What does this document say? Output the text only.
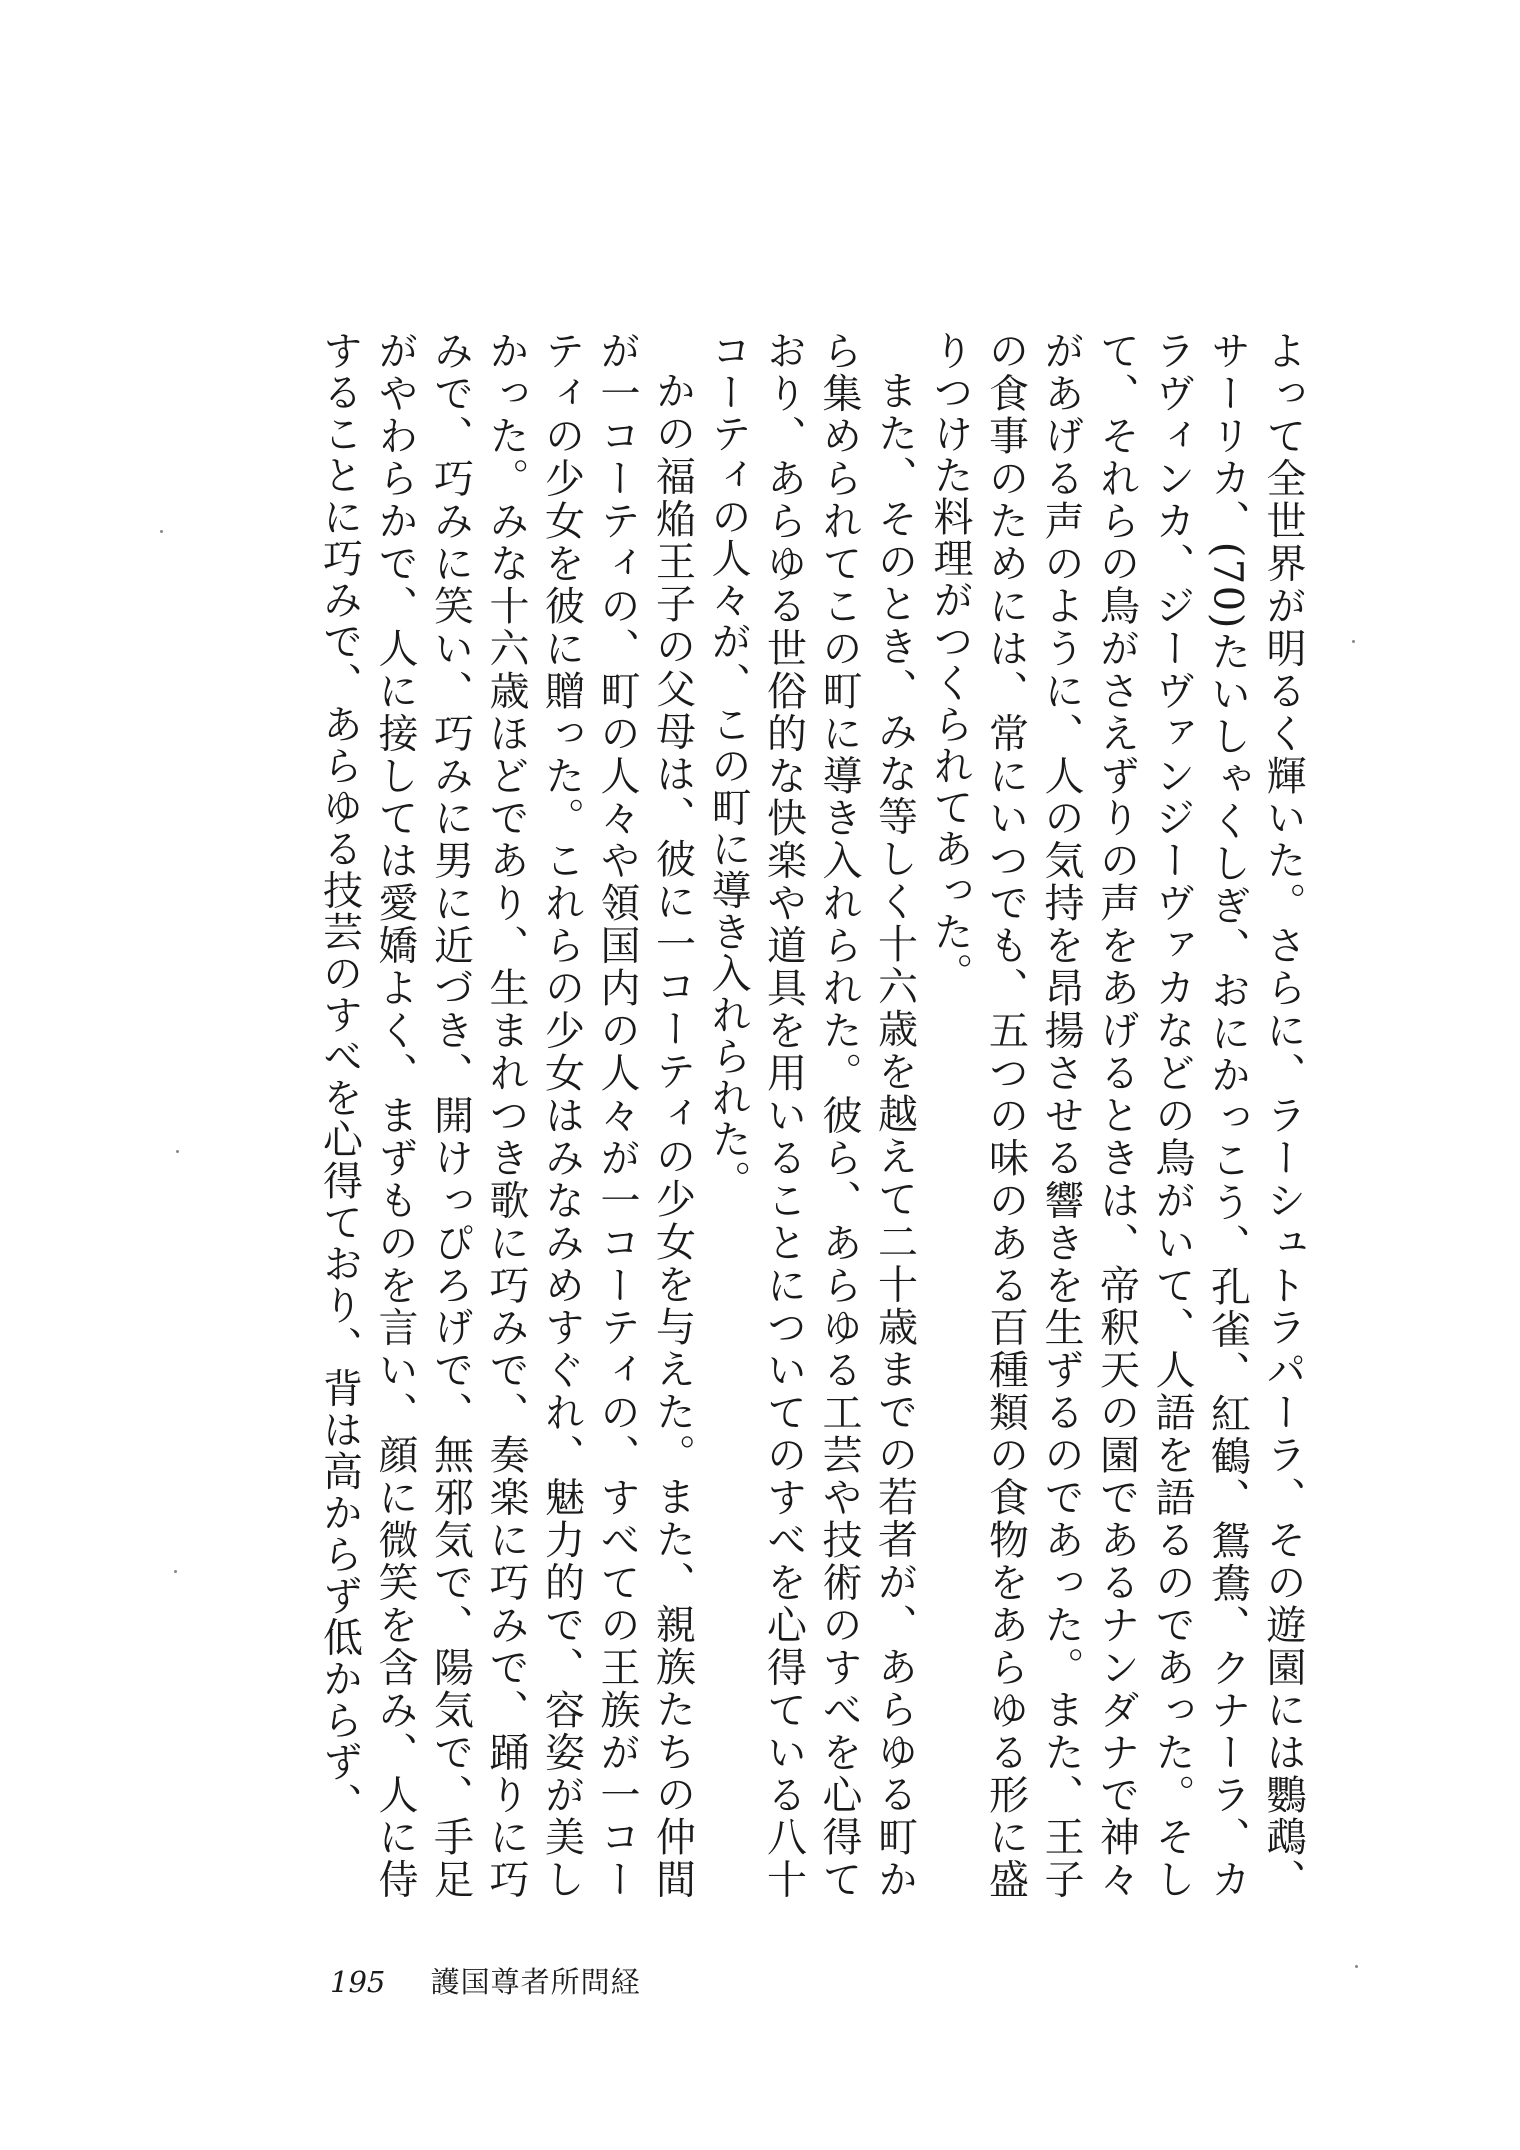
よって全世界が明るく輝いた。さらに、ラーシュトラパーラ、その遊園には鸚鵡、サーリカ、(70)たいしゃくしぎ、おにかっこう、孔雀、紅鶴、鴛鴦、クナーラ、カラヴィンカ、ジーヴァンジーヴァカなどの鳥がいて、人語を語るのであった。そして、それらの鳥がさえずりの声をあげるときは、帝釈天の園であるナンダナで神々があげる声のように、人の気持を昂揚させる響きを生ずるのであった。また、王子の食事のためには、常にいつでも、五つの味のある百種類の食物をあらゆる形に盛りつけた料理がつくられてあった。

また、そのとき、みな等しく十六歳を越えて二十歳までの若者が、あらゆる町から集められてこの町に導き入れられた。彼ら、あらゆる工芸や技術のすべを心得ており、あらゆる世俗的な快楽や道具を用いることについてのすべを心得ている八十コーティの人々が、この町に導き入れられた。

かの福焔王子の父母は、彼に一コーティの少女を与えた。また、親族たちの仲間が一コーティの、町の人々や領国内の人々が一コーティの、すべての王族が一コーティの少女を彼に贈った。これらの少女はみなみめすぐれ、魅力的で、容姿が美しかった。みな十六歳ほどであり、生まれつき歌に巧みで、奏楽に巧みで、踊りに巧みで、巧みに笑い、巧みに男に近づき、開けっぴろげで、無邪気で、陽気で、手足がやわらかで、人に接しては愛嬌よく、まずものを言い、顔に微笑を含み、人に侍することに巧みで、あらゆる技芸のすべを心得ており、背は高からず低からず、

195 護国尊者所問経
